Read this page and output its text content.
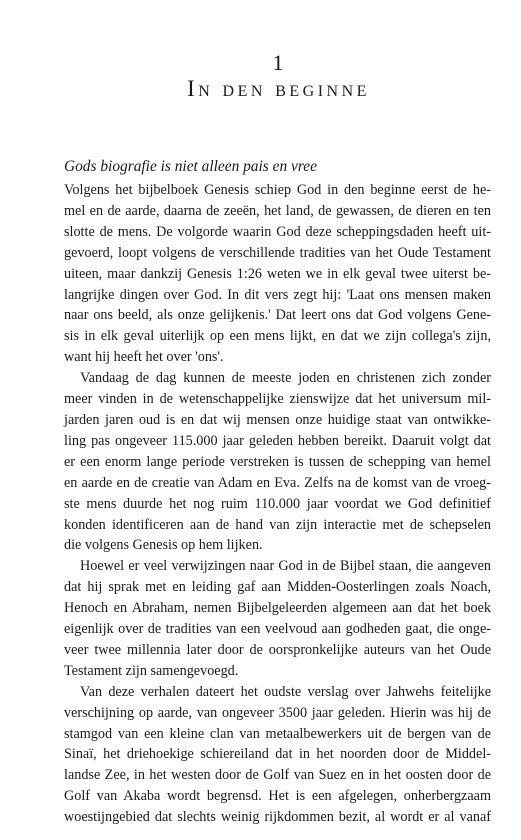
1
In den beginne
Gods biografie is niet alleen pais en vree

Volgens het bijbelboek Genesis schiep God in den beginne eerst de he-
mel en de aarde, daarna de zeeën, het land, de gewassen, de dieren en ten
slotte de mens. De volgorde waarin God deze scheppingsdaden heeft uit-
gevoerd, loopt volgens de verschillende tradities van het Oude Testament
uiteen, maar dankzij Genesis 1:26 weten we in elk geval twee uiterst be-
langrijke dingen over God. In dit vers zegt hij: 'Laat ons mensen maken
naar ons beeld, als onze gelijkenis.' Dat leert ons dat God volgens Gene-
sis in elk geval uiterlijk op een mens lijkt, en dat we zijn collega's zijn,
want hij heeft het over 'ons'.

Vandaag de dag kunnen de meeste joden en christenen zich zonder
meer vinden in de wetenschappelijke zienswijze dat het universum mil-
jarden jaren oud is en dat wij mensen onze huidige staat van ontwikke-
ling pas ongeveer 115.000 jaar geleden hebben bereikt. Daaruit volgt dat
er een enorm lange periode verstreken is tussen de schepping van hemel
en aarde en de creatie van Adam en Eva. Zelfs na de komst van de vroeg-
ste mens duurde het nog ruim 110.000 jaar voordat we God definitief
konden identificeren aan de hand van zijn interactie met de schepselen
die volgens Genesis op hem lijken.

Hoewel er veel verwijzingen naar God in de Bijbel staan, die aangeven
dat hij sprak met en leiding gaf aan Midden-Oosterlingen zoals Noach,
Henoch en Abraham, nemen Bijbelgeleerden algemeen aan dat het boek
eigenlijk over de tradities van een veelvoud aan godheden gaat, die onge-
veer twee millennia later door de oorspronkelijke auteurs van het Oude
Testament zijn samengevoegd.

Van deze verhalen dateert het oudste verslag over Jahwehs feitelijke
verschijning op aarde, van ongeveer 3500 jaar geleden. Hierin was hij de
stamgod van een kleine clan van metaalbewerkers uit de bergen van de
Sinaï, het driehoekige schiereiland dat in het noorden door de Middel-
landse Zee, in het westen door de Golf van Suez en in het oosten door de
Golf van Akaba wordt begrensd. Het is een afgelegen, onherbergzaam
woestijngebied dat slechts weinig rijkdommen bezit, al wordt er al vanaf
